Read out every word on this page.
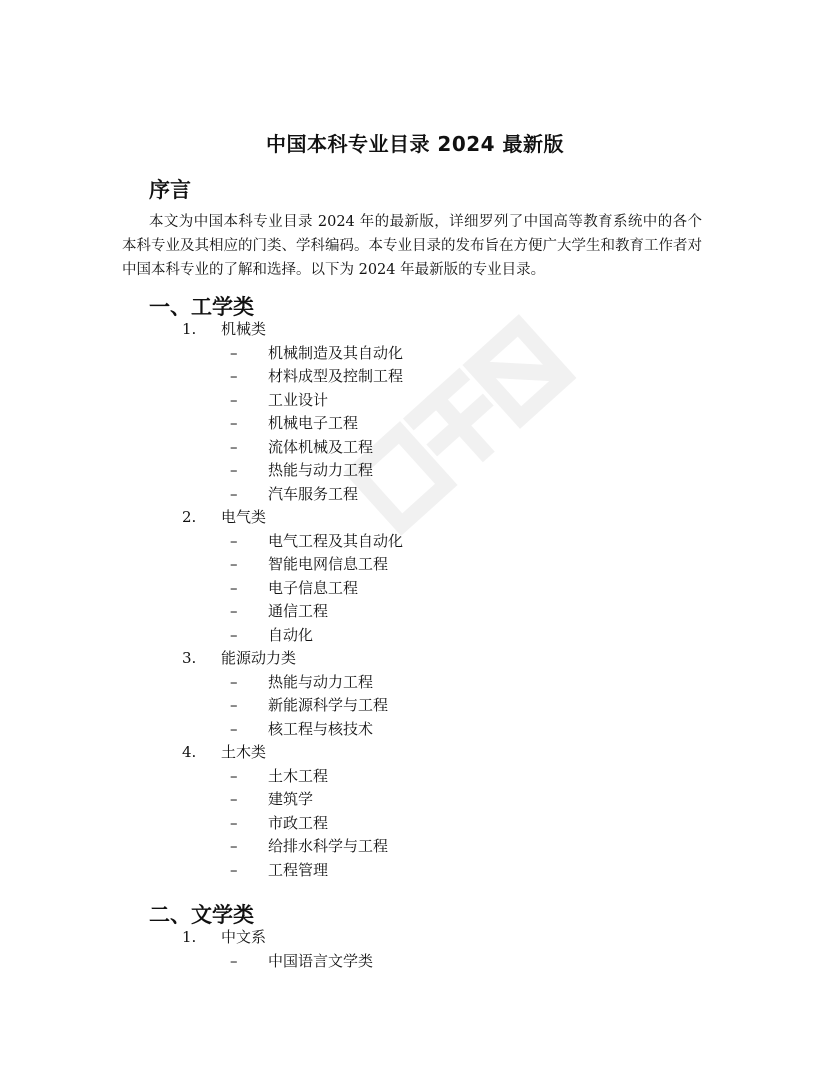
中国本科专业目录 2024 最新版
序言
本文为中国本科专业目录 2024 年的最新版，详细罗列了中国高等教育系统中的各个本科专业及其相应的门类、学科编码。本专业目录的发布旨在方便广大学生和教育工作者对中国本科专业的了解和选择。以下为 2024 年最新版的专业目录。
一、工学类
1. 机械类
– 机械制造及其自动化
– 材料成型及控制工程
– 工业设计
– 机械电子工程
– 流体机械及工程
– 热能与动力工程
– 汽车服务工程
2. 电气类
– 电气工程及其自动化
– 智能电网信息工程
– 电子信息工程
– 通信工程
– 自动化
3. 能源动力类
– 热能与动力工程
– 新能源科学与工程
– 核工程与核技术
4. 土木类
– 土木工程
– 建筑学
– 市政工程
– 给排水科学与工程
– 工程管理
二、文学类
1. 中文系
– 中国语言文学类
